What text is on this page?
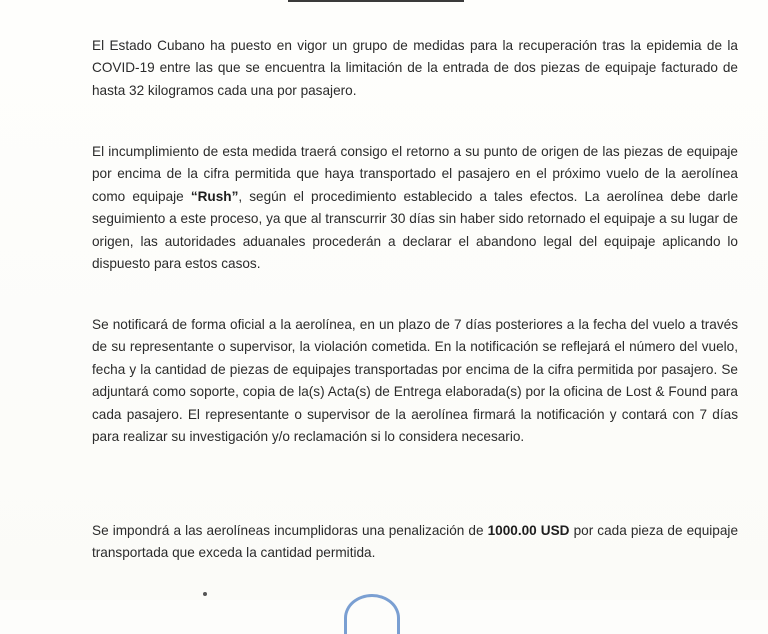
El Estado Cubano ha puesto en vigor un grupo de medidas para la recuperación tras la epidemia de la COVID-19 entre las que se encuentra la limitación de la entrada de dos piezas de equipaje facturado de hasta 32 kilogramos cada una por pasajero.

El incumplimiento de esta medida traerá consigo el retorno a su punto de origen de las piezas de equipaje por encima de la cifra permitida que haya transportado el pasajero en el próximo vuelo de la aerolínea como equipaje “Rush”, según el procedimiento establecido a tales efectos. La aerolínea debe darle seguimiento a este proceso, ya que al transcurrir 30 días sin haber sido retornado el equipaje a su lugar de origen, las autoridades aduanales procederán a declarar el abandono legal del equipaje aplicando lo dispuesto para estos casos.

Se notificará de forma oficial a la aerolínea, en un plazo de 7 días posteriores a la fecha del vuelo a través de su representante o supervisor, la violación cometida. En la notificación se reflejará el número del vuelo, fecha y la cantidad de piezas de equipajes transportadas por encima de la cifra permitida por pasajero. Se adjuntará como soporte, copia de la(s) Acta(s) de Entrega elaborada(s) por la oficina de Lost & Found para cada pasajero. El representante o supervisor de la aerolínea firmará la notificación y contará con 7 días para realizar su investigación y/o reclamación si lo considera necesario.

Se impondrá a las aerolíneas incumplidoras una penalización de 1000.00 USD por cada pieza de equipaje transportada que exceda la cantidad permitida.
